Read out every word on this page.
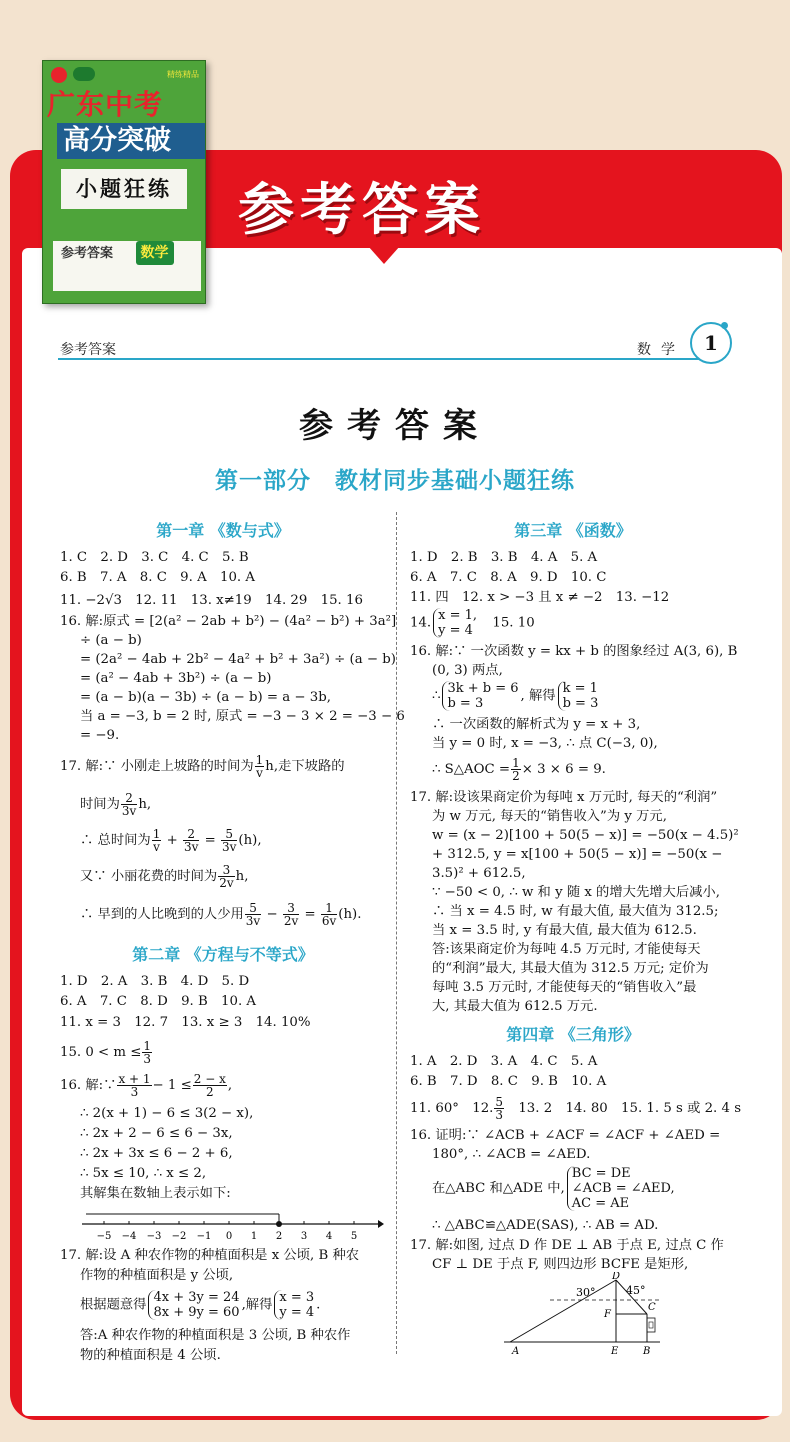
精练精品
广东中考
高分突破
小题狂练
参考答案 数学
参考答案
参考答案	数学 1
参考答案
第一部分　教材同步基础小题狂练
第一章 《数与式》
1. C　2. D　3. C　4. C　5. B
6. B　7. A　8. C　9. A　10. A
11. −2√3　12. 11　13. x≠19　14. 29　15. 16
16. 解:原式 = [2(a² − 2ab + b²) − (4a² − b²) + 3a²]
÷ (a − b)
= (2a² − 4ab + 2b² − 4a² + b² + 3a²) ÷ (a − b)
= (a² − 4ab + 3b²) ÷ (a − b)
= (a − b)(a − 3b) ÷ (a − b) = a − 3b,
当 a = −3, b = 2 时, 原式 = −3 − 3 × 2 = −3 − 6
= −9.
17. 解:∵ 小刚走上坡路的时间为 $\frac{1}{v} h$,走下坡路的
时间为 $\frac{2}{3v} h$,
∴ 总时间为 $\frac{1}{v} + \frac{2}{3v} = \frac{5}{3v} (h)$,
又∵ 小丽花费的时间为 $\frac{3}{2v} h$,
∴ 早到的人比晚到的人少用 $\frac{5}{3v} - \frac{3}{2v} = \frac{1}{6v} (h)$.
第二章 《方程与不等式》
1. D　2. A　3. B　4. D　5. D
6. A　7. C　8. D　9. B　10. A
11. x = 3　12. 7　13. x ≥ 3　14. 10%
15. $0 < m \le \frac{1}{3}$
16. 解:∵ $\frac{x + 1}{3} - 1 \le \frac{2 - x}{2}$ ,
∴ 2(x + 1) − 6 ≤ 3(2 − x),
∴ 2x + 2 − 6 ≤ 6 − 3x,
∴ 2x + 3x ≤ 6 − 2 + 6,
∴ 5x ≤ 10, ∴ x ≤ 2,
其解集在数轴上表示如下:
−5 −4 −3 −2 −1 0 1 2 3 4 5
17. 解:设 A 种农作物的种植面积是 x 公顷, B 种农
作物的种植面积是 y 公顷,
根据题意得 4x + 3y = 24
8x + 9y = 60 ,解得 x = 3
y = 4 .
答:A 种农作物的种植面积是 3 公顷, B 种农作
物的种植面积是 4 公顷.
第三章 《函数》
1. D　2. B　3. B　4. A　5. A
6. A　7. C　8. A　9. D　10. C
11. 四　12. x > −3 且 x ≠ −2　13. −12
14. x = 1,
y = 4　 15. 10
16. 解:∵ 一次函数 y = kx + b 的图象经过 A(3, 6), B
(0, 3) 两点,
∴ 3k + b = 6
b = 3	, 解得 k = 1
b = 3
∴ 一次函数的解析式为 y = x + 3,
当 y = 0 时, x = −3, ∴ 点 C(−3, 0),
∴ S△AOC = $\frac{1}{2} \times 3 \times 6 = 9$.
17. 解:设该果商定价为每吨 x 万元时, 每天的“利润”
为 w 万元, 每天的“销售收入”为 y 万元,
w = (x − 2)[100 + 50(5 − x)] = −50(x − 4.5)²
+ 312.5, y = x[100 + 50(5 − x)] = −50(x −
3.5)² + 612.5,
∵ −50 < 0, ∴ w 和 y 随 x 的增大先增大后减小,
∴ 当 x = 4.5 时, w 有最大值, 最大值为 312.5;
当 x = 3.5 时, y 有最大值, 最大值为 612.5.
答:该果商定价为每吨 4.5 万元时, 才能使每天
的“利润”最大, 其最大值为 312.5 万元; 定价为
每吨 3.5 万元时, 才能使每天的“销售收入”最
大, 其最大值为 612.5 万元.
第四章 《三角形》
1. A　2. D　3. A　4. C　5. A
6. B　7. D　8. C　9. B　10. A
11. 60°　12. $\frac{5}{3}$
　 13. 2　14. 80　15. 1. 5 s 或 2. 4 s
16. 证明:∵ ∠ACB + ∠ACF = ∠ACF + ∠AED =
180°, ∴ ∠ACB = ∠AED.
在△ABC 和△ADE 中,BC = DE
∠ACB = ∠AED,
AC = AE
∴ △ABC≌△ADE(SAS), ∴ AB = AD.
17. 解:如图, 过点 D 作 DE ⊥ AB 于点 E, 过点 C 作
CF ⊥ DE 于点 F, 则四边形 BCFE 是矩形,
30°	45°
D
A	E B
C
F
